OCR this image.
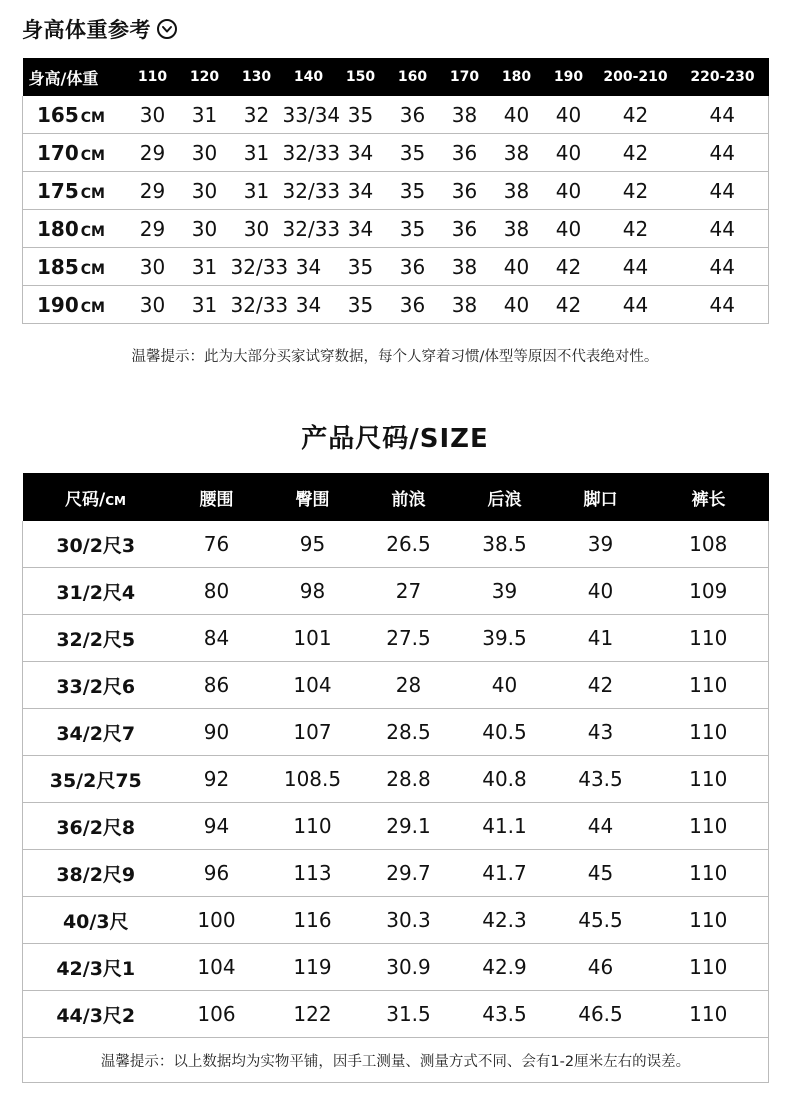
身高体重参考
身高/体重	110	120	130	140	150	160	170	180	190	200-210	220-230
165 CM	30	31	32	33/34	35	36	38	40	40	42	44
170 CM	29	30	31	32/33	34	35	36	38	40	42	44
175 CM	29	30	31	32/33	34	35	36	38	40	42	44
180 CM	29	30	30	32/33	34	35	36	38	40	42	44
185 CM	30	31	32/33	34	35	36	38	40	42	44	44
190 CM	30	31	32/33	34	35	36	38	40	42	44	44
温馨提示：此为大部分买家试穿数据，每个人穿着习惯/体型等原因不代表绝对性。
产品尺码/SIZE
尺码/CM	腰围	臀围	前浪	后浪	脚口	裤长
30/2尺3	76	95	26.5	38.5	39	108
31/2尺4	80	98	27	39	40	109
32/2尺5	84	101	27.5	39.5	41	110
33/2尺6	86	104	28	40	42	110
34/2尺7	90	107	28.5	40.5	43	110
35/2尺75	92	108.5	28.8	40.8	43.5	110
36/2尺8	94	110	29.1	41.1	44	110
38/2尺9	96	113	29.7	41.7	45	110
40/3尺	100	116	30.3	42.3	45.5	110
42/3尺1	104	119	30.9	42.9	46	110
44/3尺2	106	122	31.5	43.5	46.5	110
温馨提示：以上数据均为实物平铺，因手工测量、测量方式不同、会有1-2厘米左右的误差。						
